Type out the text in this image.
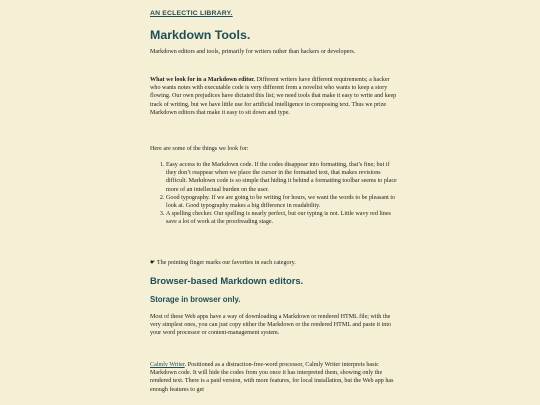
AN ECLECTIC LIBRARY.
Markdown Tools.

Markdown editors and tools, primarily for writers rather than hackers or developers.

What we look for in a Markdown editor. Different writers have different requirements; a hacker who wants notes with executable code is very different from a novelist who wants to keep a story flowing. Our own prejudices have dictated this list; we need tools that make it easy to write and keep track of writing, but we have little use for artificial intelligence in composing text. Thus we prize Markdown editors that make it easy to sit down and type.

Here are some of the things we look for:

1. Easy access to the Markdown code. If the codes disappear into formatting, that’s fine; but if they don’t reappear when we place the cursor in the formatted text, that makes revisions difficult. Markdown code is so simple that hiding it behind a formatting toolbar seems to place more of an intellectual burden on the user.
2. Good typography. If we are going to be writing for hours, we want the words to be pleasant to look at. Good typography makes a big difference in readability.
3. A spelling checker. Our spelling is nearly perfect, but our typing is not. Little wavy red lines save a lot of work at the proofreading stage.

☛ The pointing finger marks our favorites in each category.

Browser-based Markdown editors.
Storage in browser only.

Most of these Web apps have a way of downloading a Markdown or rendered HTML file; with the very simplest ones, you can just copy either the Markdown or the rendered HTML and paste it into your word processor or content-management system.

Calmly Writer. Positioned as a distraction-free-word processor, Calmly Writer interprets basic Markdown code. It will hide the codes from you once it has interpreted them, showing only the rendered text. There is a paid version, with more features, for local installation, but the Web app has enough features to get
